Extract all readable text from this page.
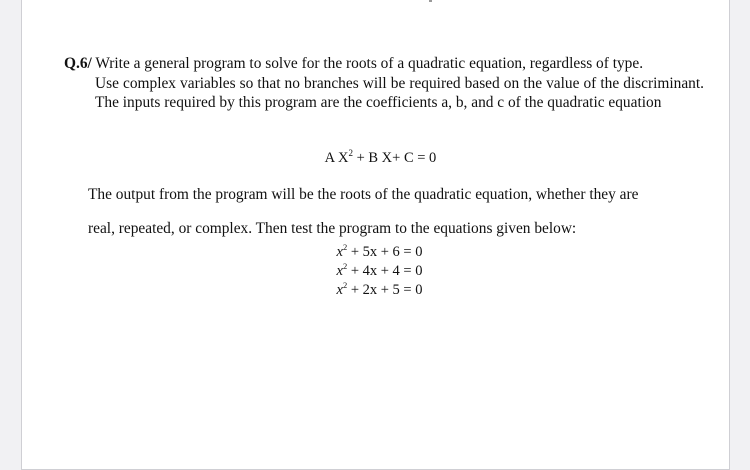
Q.6/ Write a general program to solve for the roots of a quadratic equation, regardless of type.
Use complex variables so that no branches will be required based on the value of the discriminant. The inputs required by this program are the coefficients a, b, and c of the quadratic equation
A $X^2 + B$ X+ C = 0
The output from the program will be the roots of the quadratic equation, whether they are
real, repeated, or complex. Then test the program to the equations given below:
$x^2 + 5x + 6 = 0$
$x^2 + 4x + 4 = 0$
$x^2 + 2x + 5 = 0$
